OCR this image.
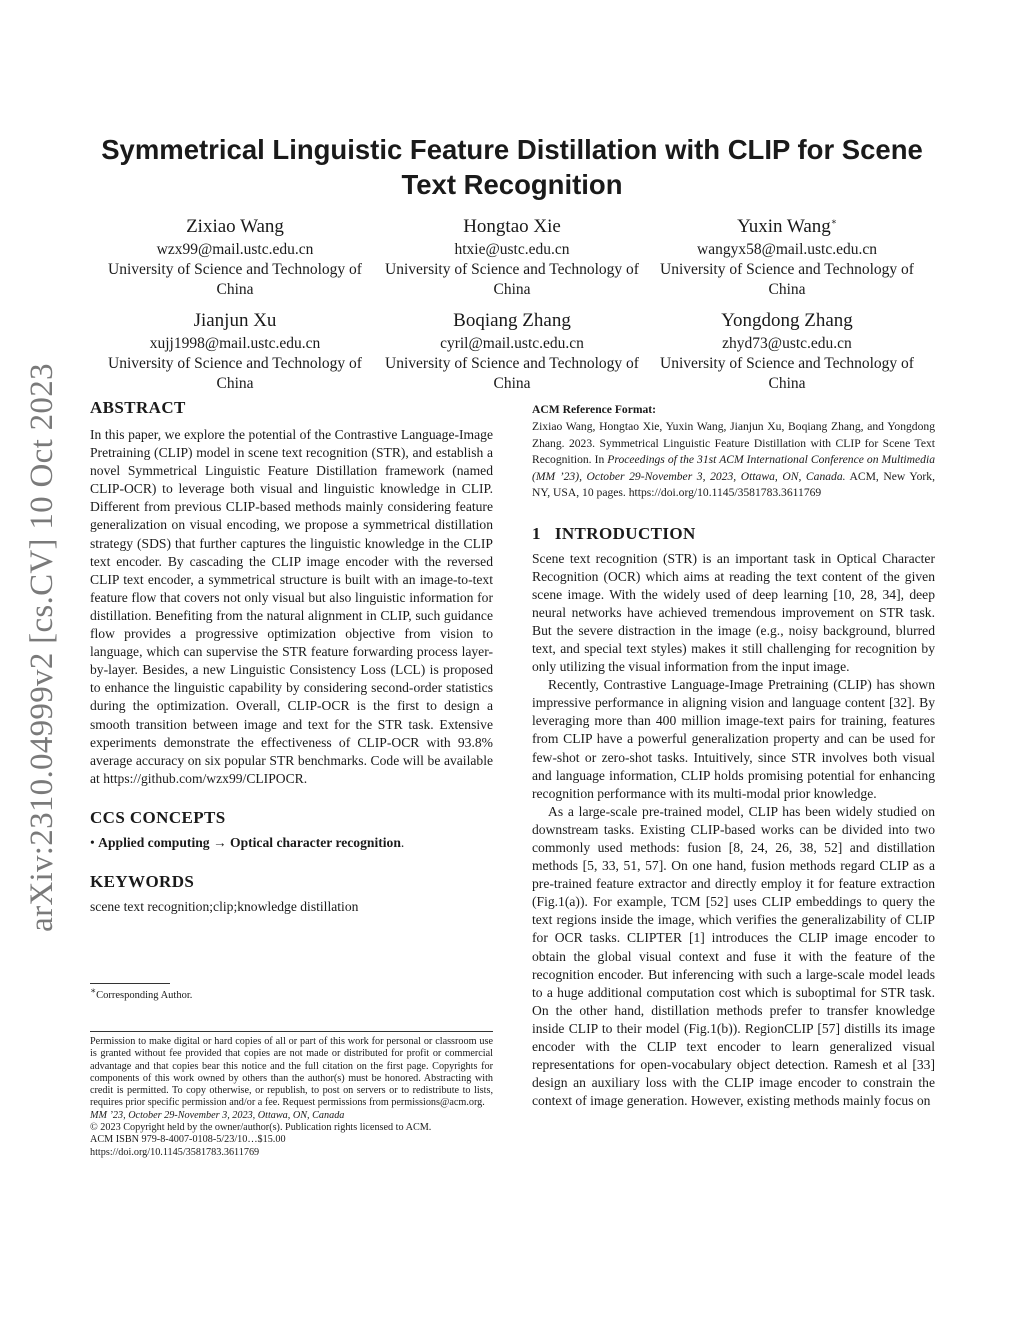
arXiv:2310.04999v2 [cs.CV] 10 Oct 2023
Symmetrical Linguistic Feature Distillation with CLIP for Scene Text Recognition
Zixiao Wang
wzx99@mail.ustc.edu.cn
University of Science and Technology of China
Hongtao Xie
htxie@ustc.edu.cn
University of Science and Technology of China
Yuxin Wang∗
wangyx58@mail.ustc.edu.cn
University of Science and Technology of China
Jianjun Xu
xujj1998@mail.ustc.edu.cn
University of Science and Technology of China
Boqiang Zhang
cyril@mail.ustc.edu.cn
University of Science and Technology of China
Yongdong Zhang
zhyd73@ustc.edu.cn
University of Science and Technology of China
ABSTRACT

In this paper, we explore the potential of the Contrastive Language-Image Pretraining (CLIP) model in scene text recognition (STR), and establish a novel Symmetrical Linguistic Feature Distillation framework (named CLIP-OCR) to leverage both visual and linguistic knowledge in CLIP. Different from previous CLIP-based methods mainly considering feature generalization on visual encoding, we propose a symmetrical distillation strategy (SDS) that further captures the linguistic knowledge in the CLIP text encoder. By cascading the CLIP image encoder with the reversed CLIP text encoder, a symmetrical structure is built with an image-to-text feature flow that covers not only visual but also linguistic information for distillation. Benefiting from the natural alignment in CLIP, such guidance flow provides a progressive optimization objective from vision to language, which can supervise the STR feature forwarding process layer-by-layer. Besides, a new Linguistic Consistency Loss (LCL) is proposed to enhance the linguistic capability by considering second-order statistics during the optimization. Overall, CLIP-OCR is the first to design a smooth transition between image and text for the STR task. Extensive experiments demonstrate the effectiveness of CLIP-OCR with 93.8% average accuracy on six popular STR benchmarks. Code will be available at https://github.com/wzx99/CLIPOCR.

CCS CONCEPTS

• Applied computing → Optical character recognition.

KEYWORDS

scene text recognition;clip;knowledge distillation

∗Corresponding Author.
Permission to make digital or hard copies of all or part of this work for personal or classroom use is granted without fee provided that copies are not made or distributed for profit or commercial advantage and that copies bear this notice and the full citation on the first page. Copyrights for components of this work owned by others than the author(s) must be honored. Abstracting with credit is permitted. To copy otherwise, or republish, to post on servers or to redistribute to lists, requires prior specific permission and/or a fee. Request permissions from permissions@acm.org.
MM ’23, October 29-November 3, 2023, Ottawa, ON, Canada
© 2023 Copyright held by the owner/author(s). Publication rights licensed to ACM.
ACM ISBN 979-8-4007-0108-5/23/10…$15.00
https://doi.org/10.1145/3581783.3611769

ACM Reference Format:

Zixiao Wang, Hongtao Xie, Yuxin Wang, Jianjun Xu, Boqiang Zhang, and Yongdong Zhang. 2023. Symmetrical Linguistic Feature Distillation with CLIP for Scene Text Recognition. In Proceedings of the 31st ACM International Conference on Multimedia (MM ’23), October 29-November 3, 2023, Ottawa, ON, Canada. ACM, New York, NY, USA, 10 pages. https://doi.org/10.1145/3581783.3611769

1 INTRODUCTION

Scene text recognition (STR) is an important task in Optical Character Recognition (OCR) which aims at reading the text content of the given scene image. With the widely used of deep learning [10, 28, 34], deep neural networks have achieved tremendous improvement on STR task. But the severe distraction in the image (e.g., noisy background, blurred text, and special text styles) makes it still challenging for recognition by only utilizing the visual information from the input image.

Recently, Contrastive Language-Image Pretraining (CLIP) has shown impressive performance in aligning vision and language content [32]. By leveraging more than 400 million image-text pairs for training, features from CLIP have a powerful generalization property and can be used for few-shot or zero-shot tasks. Intuitively, since STR involves both visual and language information, CLIP holds promising potential for enhancing recognition performance with its multi-modal prior knowledge.

As a large-scale pre-trained model, CLIP has been widely studied on downstream tasks. Existing CLIP-based works can be divided into two commonly used methods: fusion [8, 24, 26, 38, 52] and distillation methods [5, 33, 51, 57]. On one hand, fusion methods regard CLIP as a pre-trained feature extractor and directly employ it for feature extraction (Fig.1(a)). For example, TCM [52] uses CLIP embeddings to query the text regions inside the image, which verifies the generalizability of CLIP for OCR tasks. CLIPTER [1] introduces the CLIP image encoder to obtain the global visual context and fuse it with the feature of the recognition encoder. But inferencing with such a large-scale model leads to a huge additional computation cost which is suboptimal for STR task. On the other hand, distillation methods prefer to transfer knowledge inside CLIP to their model (Fig.1(b)). RegionCLIP [57] distills its image encoder with the CLIP text encoder to learn generalized visual representations for open-vocabulary object detection. Ramesh et al [33] design an auxiliary loss with the CLIP image encoder to constrain the context of image generation. However, existing methods mainly focus on
